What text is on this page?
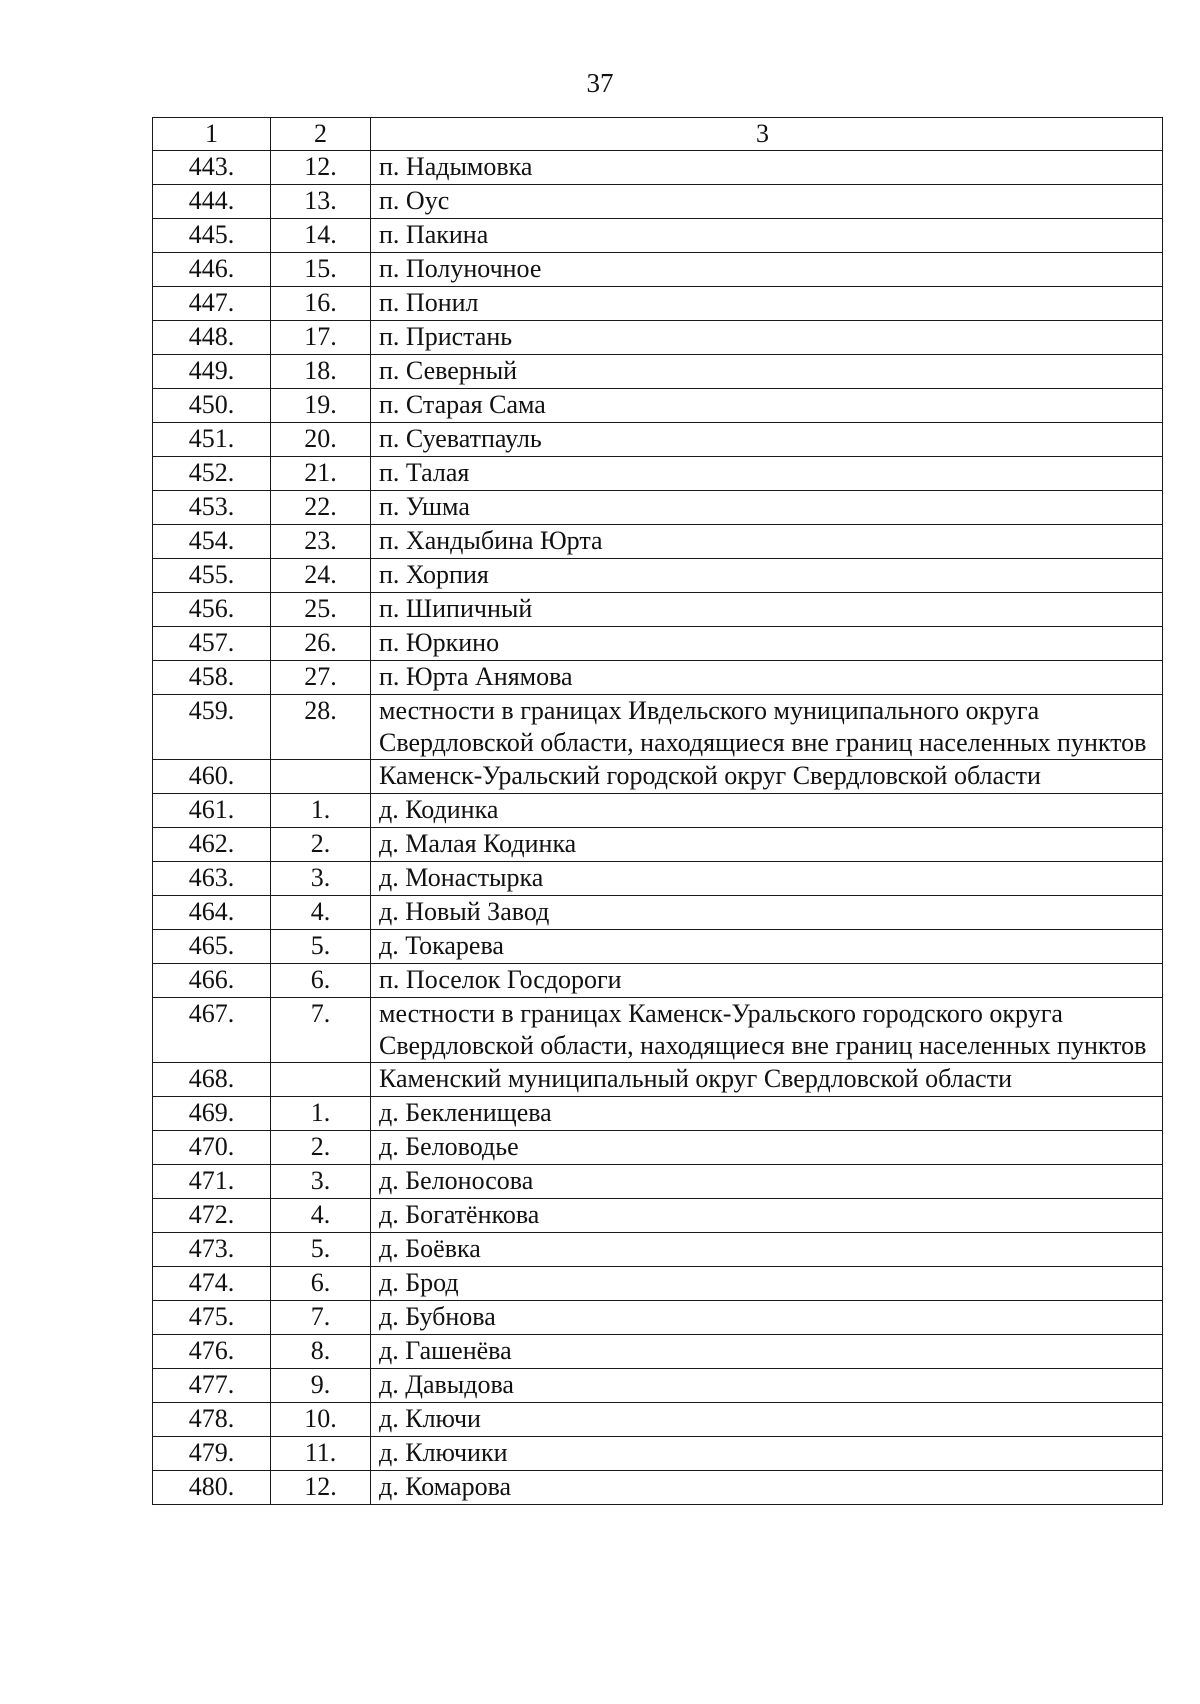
37
1	2	3
443.	12.	п. Надымовка
444.	13.	п. Оус
445.	14.	п. Пакина
446.	15.	п. Полуночное
447.	16.	п. Понил
448.	17.	п. Пристань
449.	18.	п. Северный
450.	19.	п. Старая Сама
451.	20.	п. Суеватпауль
452.	21.	п. Талая
453.	22.	п. Ушма
454.	23.	п. Хандыбина Юрта
455.	24.	п. Хорпия
456.	25.	п. Шипичный
457.	26.	п. Юркино
458.	27.	п. Юрта Анямова
459.	28.	местности в границах Ивдельского муниципального округа Свердловской области, находящиеся вне границ населенных пунктов
460.		Каменск-Уральский городской округ Свердловской области
461.	1.	д. Кодинка
462.	2.	д. Малая Кодинка
463.	3.	д. Монастырка
464.	4.	д. Новый Завод
465.	5.	д. Токарева
466.	6.	п. Поселок Госдороги
467.	7.	местности в границах Каменск-Уральского городского округа Свердловской области, находящиеся вне границ населенных пунктов
468.		Каменский муниципальный округ Свердловской области
469.	1.	д. Бекленищева
470.	2.	д. Беловодье
471.	3.	д. Белоносова
472.	4.	д. Богатёнкова
473.	5.	д. Боёвка
474.	6.	д. Брод
475.	7.	д. Бубнова
476.	8.	д. Гашенёва
477.	9.	д. Давыдова
478.	10.	д. Ключи
479.	11.	д. Ключики
480.	12.	д. Комарова
